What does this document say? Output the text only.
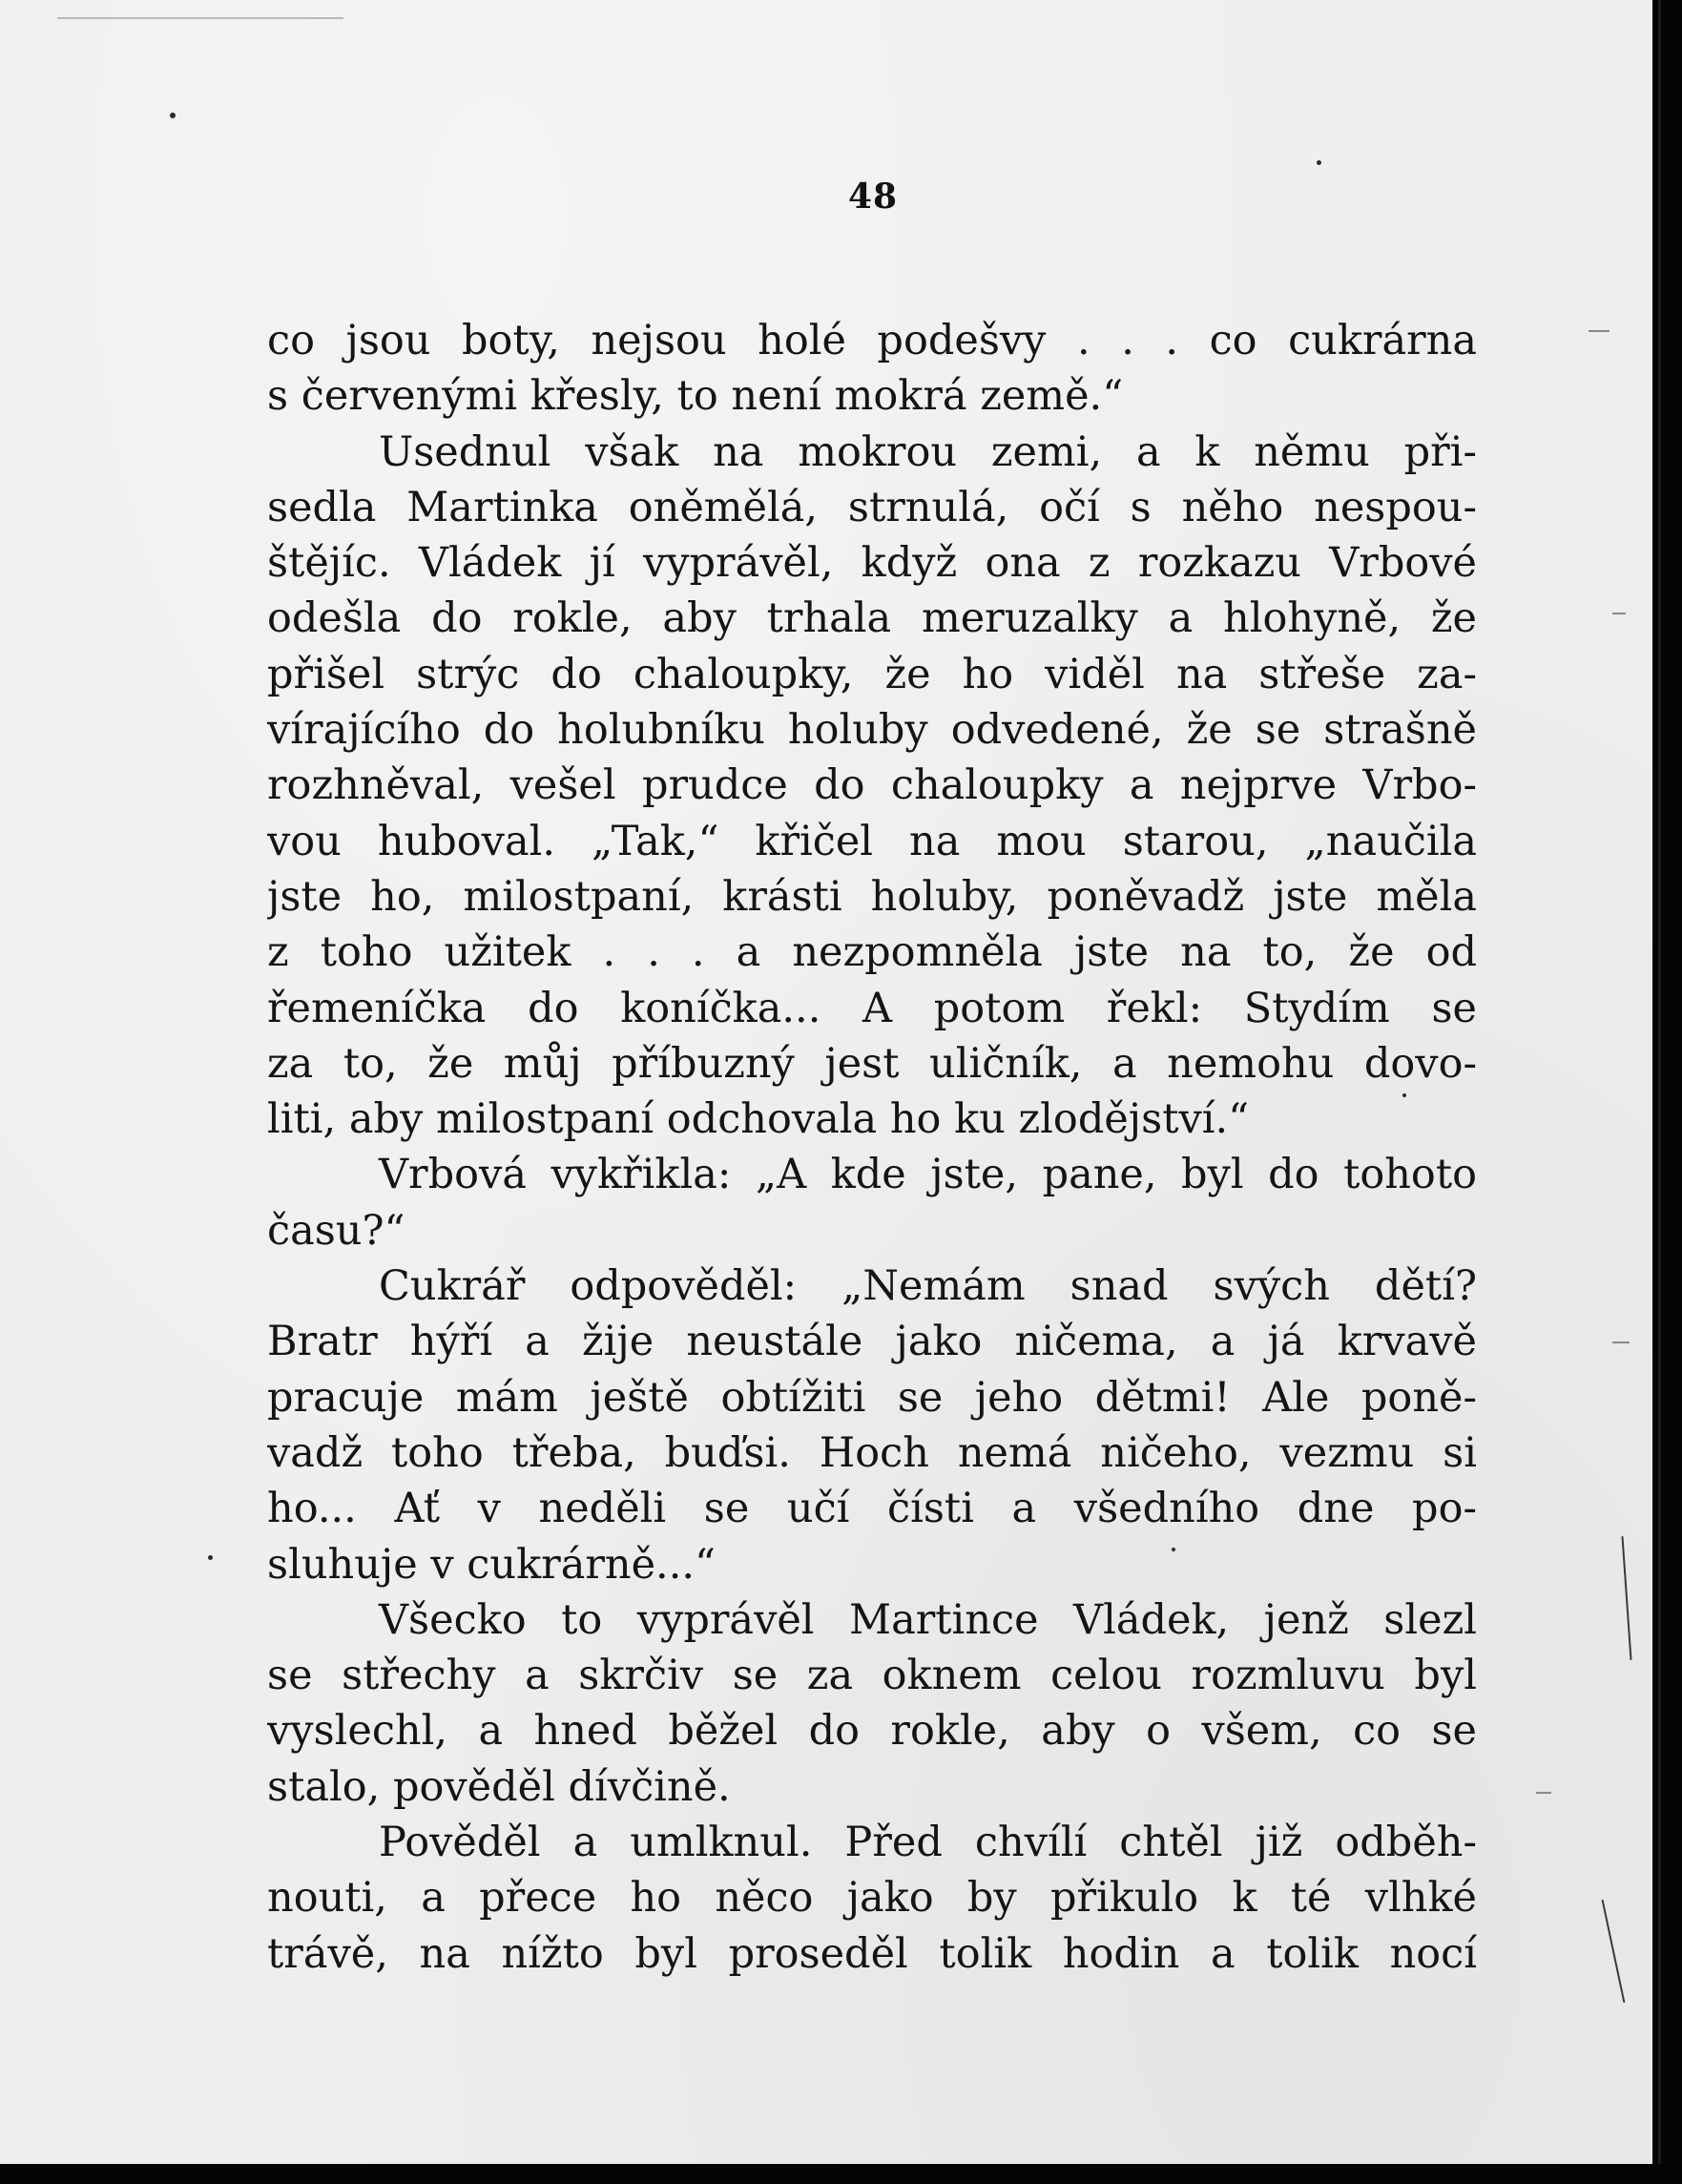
48
co jsou boty, nejsou holé podešvy . . . co cukrárna
s červenými křesly, to není mokrá země.“
Usednul však na mokrou zemi, a k němu při-
sedla Martinka oněmělá, strnulá, očí s něho nespou-
štějíc. Vládek jí vyprávěl, když ona z rozkazu Vrbové
odešla do rokle, aby trhala meruzalky a hlohyně, že
přišel strýc do chaloupky, že ho viděl na střeše za-
vírajícího do holubníku holuby odvedené, že se strašně
rozhněval, vešel prudce do chaloupky a nejprve Vrbo-
vou huboval. „Tak,“ křičel na mou starou, „naučila
jste ho, milostpaní, krásti holuby, poněvadž jste měla
z toho užitek . . . a nezpomněla jste na to, že od
řemeníčka do koníčka... A potom řekl: Stydím se
za to, že můj příbuzný jest uličník, a nemohu dovo-
liti, aby milostpaní odchovala ho ku zlodějství.“
Vrbová vykřikla: „A kde jste, pane, byl do tohoto
času?“
Cukrář odpověděl: „Nemám snad svých dětí?
Bratr hýří a žije neustále jako ničema, a já krvavě
pracuje mám ještě obtížiti se jeho dětmi! Ale poně-
vadž toho třeba, buďsi. Hoch nemá ničeho, vezmu si
ho... Ať v neděli se učí čísti a všedního dne po-
sluhuje v cukrárně...“
Všecko to vyprávěl Martince Vládek, jenž slezl
se střechy a skrčiv se za oknem celou rozmluvu byl
vyslechl, a hned běžel do rokle, aby o všem, co se
stalo, pověděl dívčině.
Pověděl a umlknul. Před chvílí chtěl již odběh-
nouti, a přece ho něco jako by přikulo k té vlhké
trávě, na nížto byl proseděl tolik hodin a tolik nocí
